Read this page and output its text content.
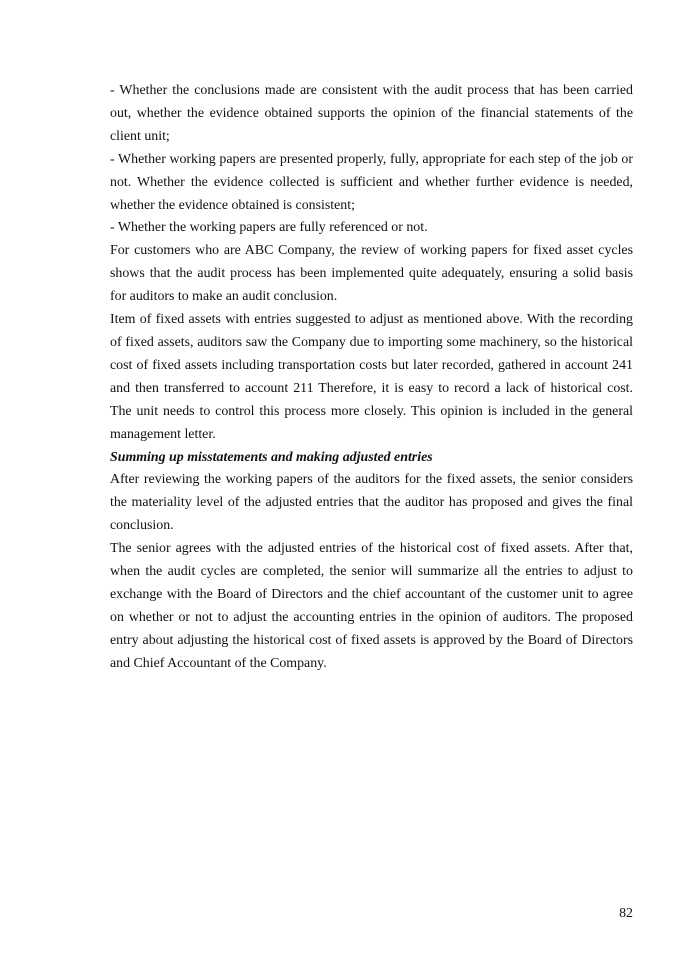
- Whether the conclusions made are consistent with the audit process that has been carried out, whether the evidence obtained supports the opinion of the financial statements of the client unit;

- Whether working papers are presented properly, fully, appropriate for each step of the job or not. Whether the evidence collected is sufficient and whether further evidence is needed, whether the evidence obtained is consistent;

- Whether the working papers are fully referenced or not.

For customers who are ABC Company, the review of working papers for fixed asset cycles shows that the audit process has been implemented quite adequately, ensuring a solid basis for auditors to make an audit conclusion.

Item of fixed assets with entries suggested to adjust as mentioned above. With the recording of fixed assets, auditors saw the Company due to importing some machinery, so the historical cost of fixed assets including transportation costs but later recorded, gathered in account 241 and then transferred to account 211 Therefore, it is easy to record a lack of historical cost. The unit needs to control this process more closely. This opinion is included in the general management letter.

Summing up misstatements and making adjusted entries

After reviewing the working papers of the auditors for the fixed assets, the senior considers the materiality level of the adjusted entries that the auditor has proposed and gives the final conclusion.

The senior agrees with the adjusted entries of the historical cost of fixed assets. After that, when the audit cycles are completed, the senior will summarize all the entries to adjust to exchange with the Board of Directors and the chief accountant of the customer unit to agree on whether or not to adjust the accounting entries in the opinion of auditors. The proposed entry about adjusting the historical cost of fixed assets is approved by the Board of Directors and Chief Accountant of the Company.

82
